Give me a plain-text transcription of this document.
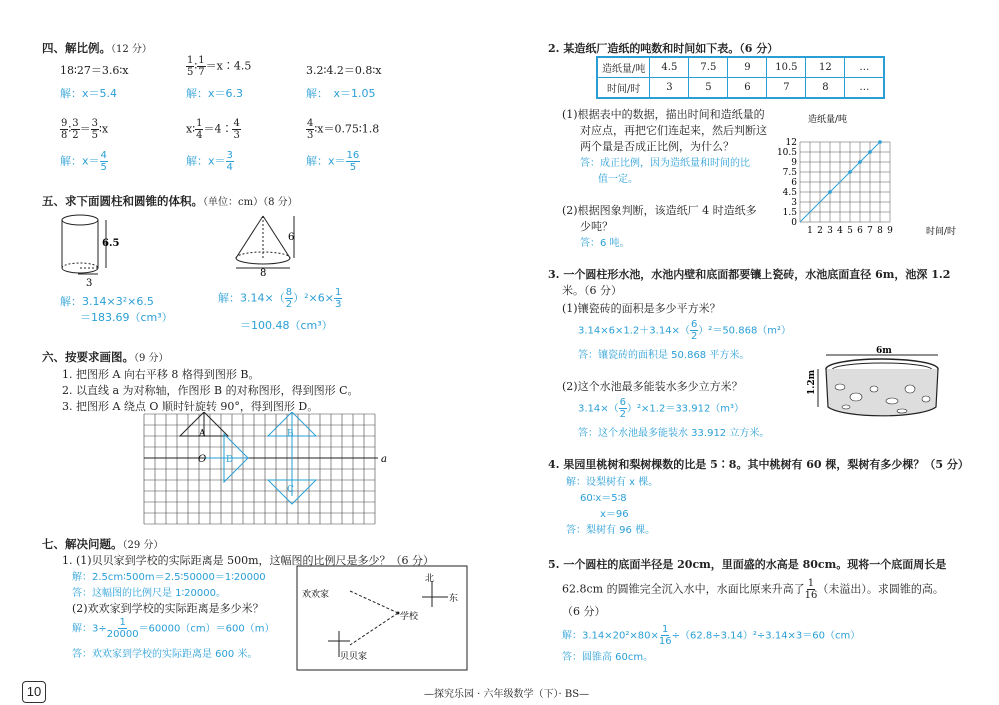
四、解比例。（12 分）
18∶27＝3.6∶x	$\frac{1}{5}$ ∶ $\frac{1}{7}$ ＝x∶4.5	3.2∶4.2＝0.8∶x
解：x＝5.4	解：x＝6.3	解：　x＝1.05
$\frac{9}{8}$ ∶ $\frac{3}{2} = \frac{3}{5}$ ∶x	x∶ $\frac{1}{4}$ ＝4∶ $\frac{4}{3}$	$\frac{4}{3}$ ∶x＝0.75∶1.8
解：$x= \frac{4}{5}$	解：$x= \frac{3}{4}$	解：$x= \frac{16}{5}$
五、求下面圆柱和圆锥的体积。（单位：cm）（8 分）
6.5
3
6
8
解：3.14×3²×6.5
＝183.69（cm³）
解：$3.14\times( \frac{8}{2} )^2\times 6\times \frac{1}{3}$
＝100.48（cm³）
六、按要求画图。（9 分）
1. 把图形 A 向右平移 8 格得到图形 B。
2. 以直线 a 为对称轴，作图形 B 的对称图形，得到图形 C。
3. 把图形 A 绕点 O 顺时针旋转 90°，得到图形 D。
a
A	B
C
D
O
七、解决问题。（29 分）
1. (1)贝贝家到学校的实际距离是 500m，这幅图的比例尺是多少？（6 分）
解：2.5cm∶500m＝2.5∶50000＝1∶20000
答：这幅图的比例尺是 1∶20000。
(2)欢欢家到学校的实际距离是多少米？
解：$3\div \frac{1}{20000} =60000(cm)=600(m)$
答：欢欢家到学校的实际距离是 600 米。
欢欢家
学校
贝贝家
北
东
2. 某造纸厂造纸的吨数和时间如下表。（6 分）
造纸量/吨	4.5	7.5	9	10.5	12	…
时间/时	3	5	6	7	8	…
(1)根据表中的数据，描出时间和造纸量的
对应点，再把它们连起来，然后判断这
两个量是否成正比例，为什么？
答：成正比例，因为造纸量和时间的比
值一定。
(2)根据图象判断，该造纸厂 4 时造纸多
少吨？
答：6 吨。
造纸量/吨
12
10.5
9
7.5
6
4.5
3
1.5
0
1 2 3 4 5 6 7 8 9	时间/时
3. 一个圆柱形水池，水池内壁和底面都要镶上瓷砖，水池底面直径 6m，池深 1.2
米。（6 分）
(1)镶瓷砖的面积是多少平方米？
$3.14\times 6\times 1.2+3.14\times( \frac{6}{2} )^2=50.868(m^2)$
答：镶瓷砖的面积是 50.868 平方米。
(2)这个水池最多能装水多少立方米？
$3.14\times( \frac{6}{2} )^2\times 1.2=33.912(m^3)$
答：这个水池最多能装水 33.912 立方米。
6m
1.2m
4. 果园里桃树和梨树棵数的比是 5∶8。其中桃树有 60 棵，梨树有多少棵？（5 分）
解：设梨树有 x 棵。
60∶x＝5∶8
x＝96
答：梨树有 96 棵。
5. 一个圆柱的底面半径是 20cm，里面盛的水高是 80cm。现将一个底面周长是
62.8cm 的圆锥完全沉入水中，水面比原来升高了 $\frac{1}{16}$ （未溢出）。求圆锥的高。
（6 分）
解：$3.14\times 20^2\times 80\times \frac{1}{16} \div(62.8\div 3.14)^2\div 3.14\times 3=60(cm)$
答：圆锥高 60cm。
10	—探究乐园 · 六年级数学（下）· BS—
